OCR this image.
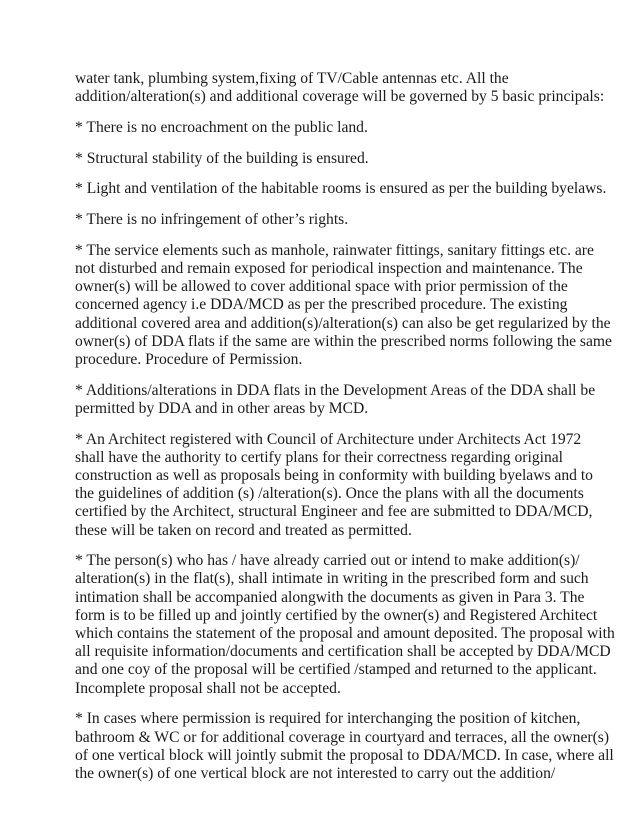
water tank, plumbing system,fixing of TV/Cable antennas etc. All the
addition/alteration(s) and additional coverage will be governed by 5 basic principals:

* There is no encroachment on the public land.

* Structural stability of the building is ensured.

* Light and ventilation of the habitable rooms is ensured as per the building byelaws.

* There is no infringement of other’s rights.

* The service elements such as manhole, rainwater fittings, sanitary fittings etc. are
not disturbed and remain exposed for periodical inspection and maintenance. The
owner(s) will be allowed to cover additional space with prior permission of the
concerned agency i.e DDA/MCD as per the prescribed procedure. The existing
additional covered area and addition(s)/alteration(s) can also be get regularized by the
owner(s) of DDA flats if the same are within the prescribed norms following the same
procedure. Procedure of Permission.

* Additions/alterations in DDA flats in the Development Areas of the DDA shall be
permitted by DDA and in other areas by MCD.

* An Architect registered with Council of Architecture under Architects Act 1972
shall have the authority to certify plans for their correctness regarding original
construction as well as proposals being in conformity with building byelaws and to
the guidelines of addition (s) /alteration(s). Once the plans with all the documents
certified by the Architect, structural Engineer and fee are submitted to DDA/MCD,
these will be taken on record and treated as permitted.

* The person(s) who has / have already carried out or intend to make addition(s)/
alteration(s) in the flat(s), shall intimate in writing in the prescribed form and such
intimation shall be accompanied alongwith the documents as given in Para 3. The
form is to be filled up and jointly certified by the owner(s) and Registered Architect
which contains the statement of the proposal and amount deposited. The proposal with
all requisite information/documents and certification shall be accepted by DDA/MCD
and one coy of the proposal will be certified /stamped and returned to the applicant.
Incomplete proposal shall not be accepted.

* In cases where permission is required for interchanging the position of kitchen,
bathroom & WC or for additional coverage in courtyard and terraces, all the owner(s)
of one vertical block will jointly submit the proposal to DDA/MCD. In case, where all
the owner(s) of one vertical block are not interested to carry out the addition/
